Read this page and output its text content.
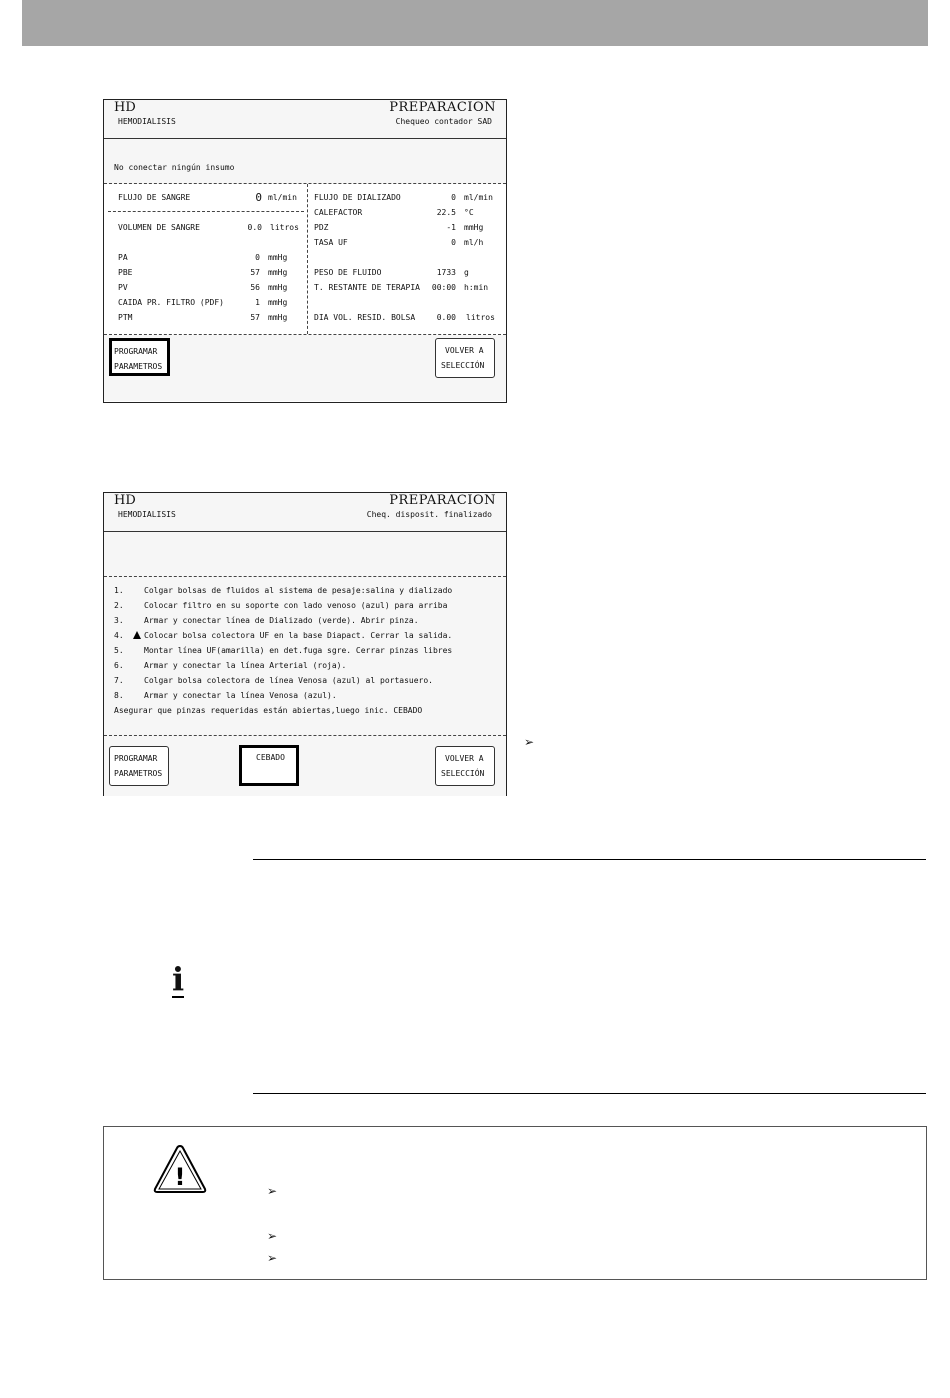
HD
HEMODIALISIS
PREPARACION
Chequeo contador SAD
No conectar ningún insumo
FLUJO DE SANGRE	0 ml/min
VOLUMEN DE SANGRE	0.0 litros
PA	0 mmHg
PBE	57 mmHg
PV	56 mmHg
CAIDA PR. FILTRO (PDF)	1 mmHg
PTM	57 mmHg
FLUJO DE DIALIZADO	0 ml/min
CALEFACTOR	22.5 °C
PDZ	-1 mmHg
TASA UF	0 ml/h
PESO DE FLUIDO	1733 g
T. RESTANTE DE TERAPIA 00:00 h:min
DIA VOL. RESID. BOLSA	0.00 litros
PROGRAMAR
PARAMETROS
VOLVER A
SELECCIÓN
HD
HEMODIALISIS
PREPARACION
Cheq. disposit. finalizado
1.	Colgar bolsas de fluidos al sistema de pesaje:salina y dializado
2.	Colocar filtro en su soporte con lado venoso (azul) para arriba
3.	Armar y conectar línea de Dializado (verde). Abrir pinza.
4.	Colocar bolsa colectora UF en la base Diapact. Cerrar la salida.
5.	Montar línea UF(amarilla) en det.fuga sgre. Cerrar pinzas libres
6.	Armar y conectar la línea Arterial (roja).
7.	Colgar bolsa colectora de línea Venosa (azul) al portasuero.
8.	Armar y conectar la línea Venosa (azul).
Asegurar que pinzas requeridas están abiertas,luego inic. CEBADO
PROGRAMAR
PARAMETROS
CEBADO	VOLVER A
SELECCIÓN
➢
i
!	➢
➢
➢
